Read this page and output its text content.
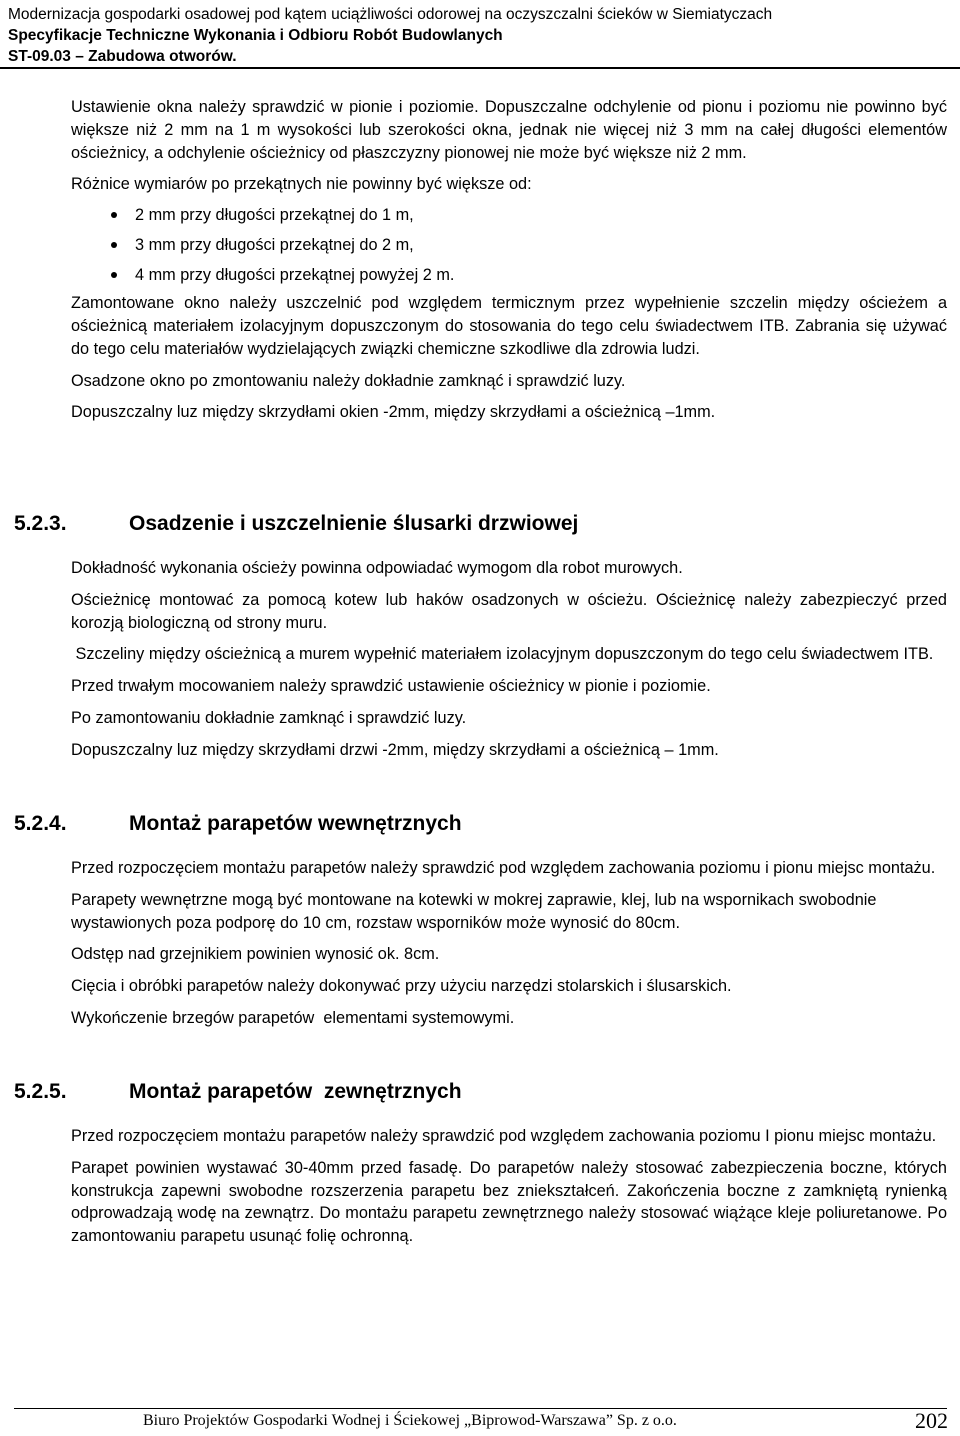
Modernizacja gospodarki osadowej pod kątem uciążliwości odorowej na oczyszczalni ścieków w Siemiatyczach
Specyfikacje Techniczne Wykonania i Odbioru Robót Budowlanych
ST-09.03 – Zabudowa otworów.

Ustawienie okna należy sprawdzić w pionie i poziomie. Dopuszczalne odchylenie od pionu i poziomu nie powinno być większe niż 2 mm na 1 m wysokości lub szerokości okna, jednak nie więcej niż 3 mm na całej długości elementów ościeżnicy, a odchylenie ościeżnicy od płaszczyzny pionowej nie może być większe niż 2 mm.

Różnice wymiarów po przekątnych nie powinny być większe od:

2 mm przy długości przekątnej do 1 m,
3 mm przy długości przekątnej do 2 m,
4 mm przy długości przekątnej powyżej 2 m.

Zamontowane okno należy uszczelnić pod względem termicznym przez wypełnienie szczelin między ościeżem a ościeżnicą materiałem izolacyjnym dopuszczonym do stosowania do tego celu świadectwem ITB. Zabrania się używać do tego celu materiałów wydzielających związki chemiczne szkodliwe dla zdrowia ludzi.

Osadzone okno po zmontowaniu należy dokładnie zamknąć i sprawdzić luzy.

Dopuszczalny luz między skrzydłami okien -2mm, między skrzydłami a ościeżnicą –1mm.

5.2.3.	Osadzenie i uszczelnienie ślusarki drzwiowej

Dokładność wykonania ościeży powinna odpowiadać wymogom dla robot murowych.

Ościeżnicę montować za pomocą kotew lub haków osadzonych w ościeżu. Ościeżnicę należy zabezpieczyć przed korozją biologiczną od strony muru.

Szczeliny między ościeżnicą a murem wypełnić materiałem izolacyjnym dopuszczonym do tego celu świadectwem ITB.

Przed trwałym mocowaniem należy sprawdzić ustawienie ościeżnicy w pionie i poziomie.

Po zamontowaniu dokładnie zamknąć i sprawdzić luzy.

Dopuszczalny luz między skrzydłami drzwi -2mm, między skrzydłami a ościeżnicą – 1mm.

5.2.4.	Montaż parapetów wewnętrznych

Przed rozpoczęciem montażu parapetów należy sprawdzić pod względem zachowania poziomu i pionu miejsc montażu.

Parapety wewnętrzne mogą być montowane na kotewki w mokrej zaprawie, klej, lub na wspornikach swobodnie wystawionych poza podporę do 10 cm, rozstaw wsporników może wynosić do 80cm.

Odstęp nad grzejnikiem powinien wynosić ok. 8cm.

Cięcia i obróbki parapetów należy dokonywać przy użyciu narzędzi stolarskich i ślusarskich.

Wykończenie brzegów parapetów  elementami systemowymi.

5.2.5.	Montaż parapetów  zewnętrznych

Przed rozpoczęciem montażu parapetów należy sprawdzić pod względem zachowania poziomu I pionu miejsc montażu.

Parapet powinien wystawać 30-40mm przed fasadę. Do parapetów należy stosować zabezpieczenia boczne, których konstrukcja zapewni swobodne rozszerzenia parapetu bez zniekształceń. Zakończenia boczne z zamkniętą rynienką odprowadzają wodę na zewnątrz. Do montażu parapetu zewnętrznego należy stosować wiążące kleje poliuretanowe. Po zamontowaniu parapetu usunąć folię ochronną.

Biuro Projektów Gospodarki Wodnej i Ściekowej „Biprowod-Warszawa” Sp. z o.o.	202
